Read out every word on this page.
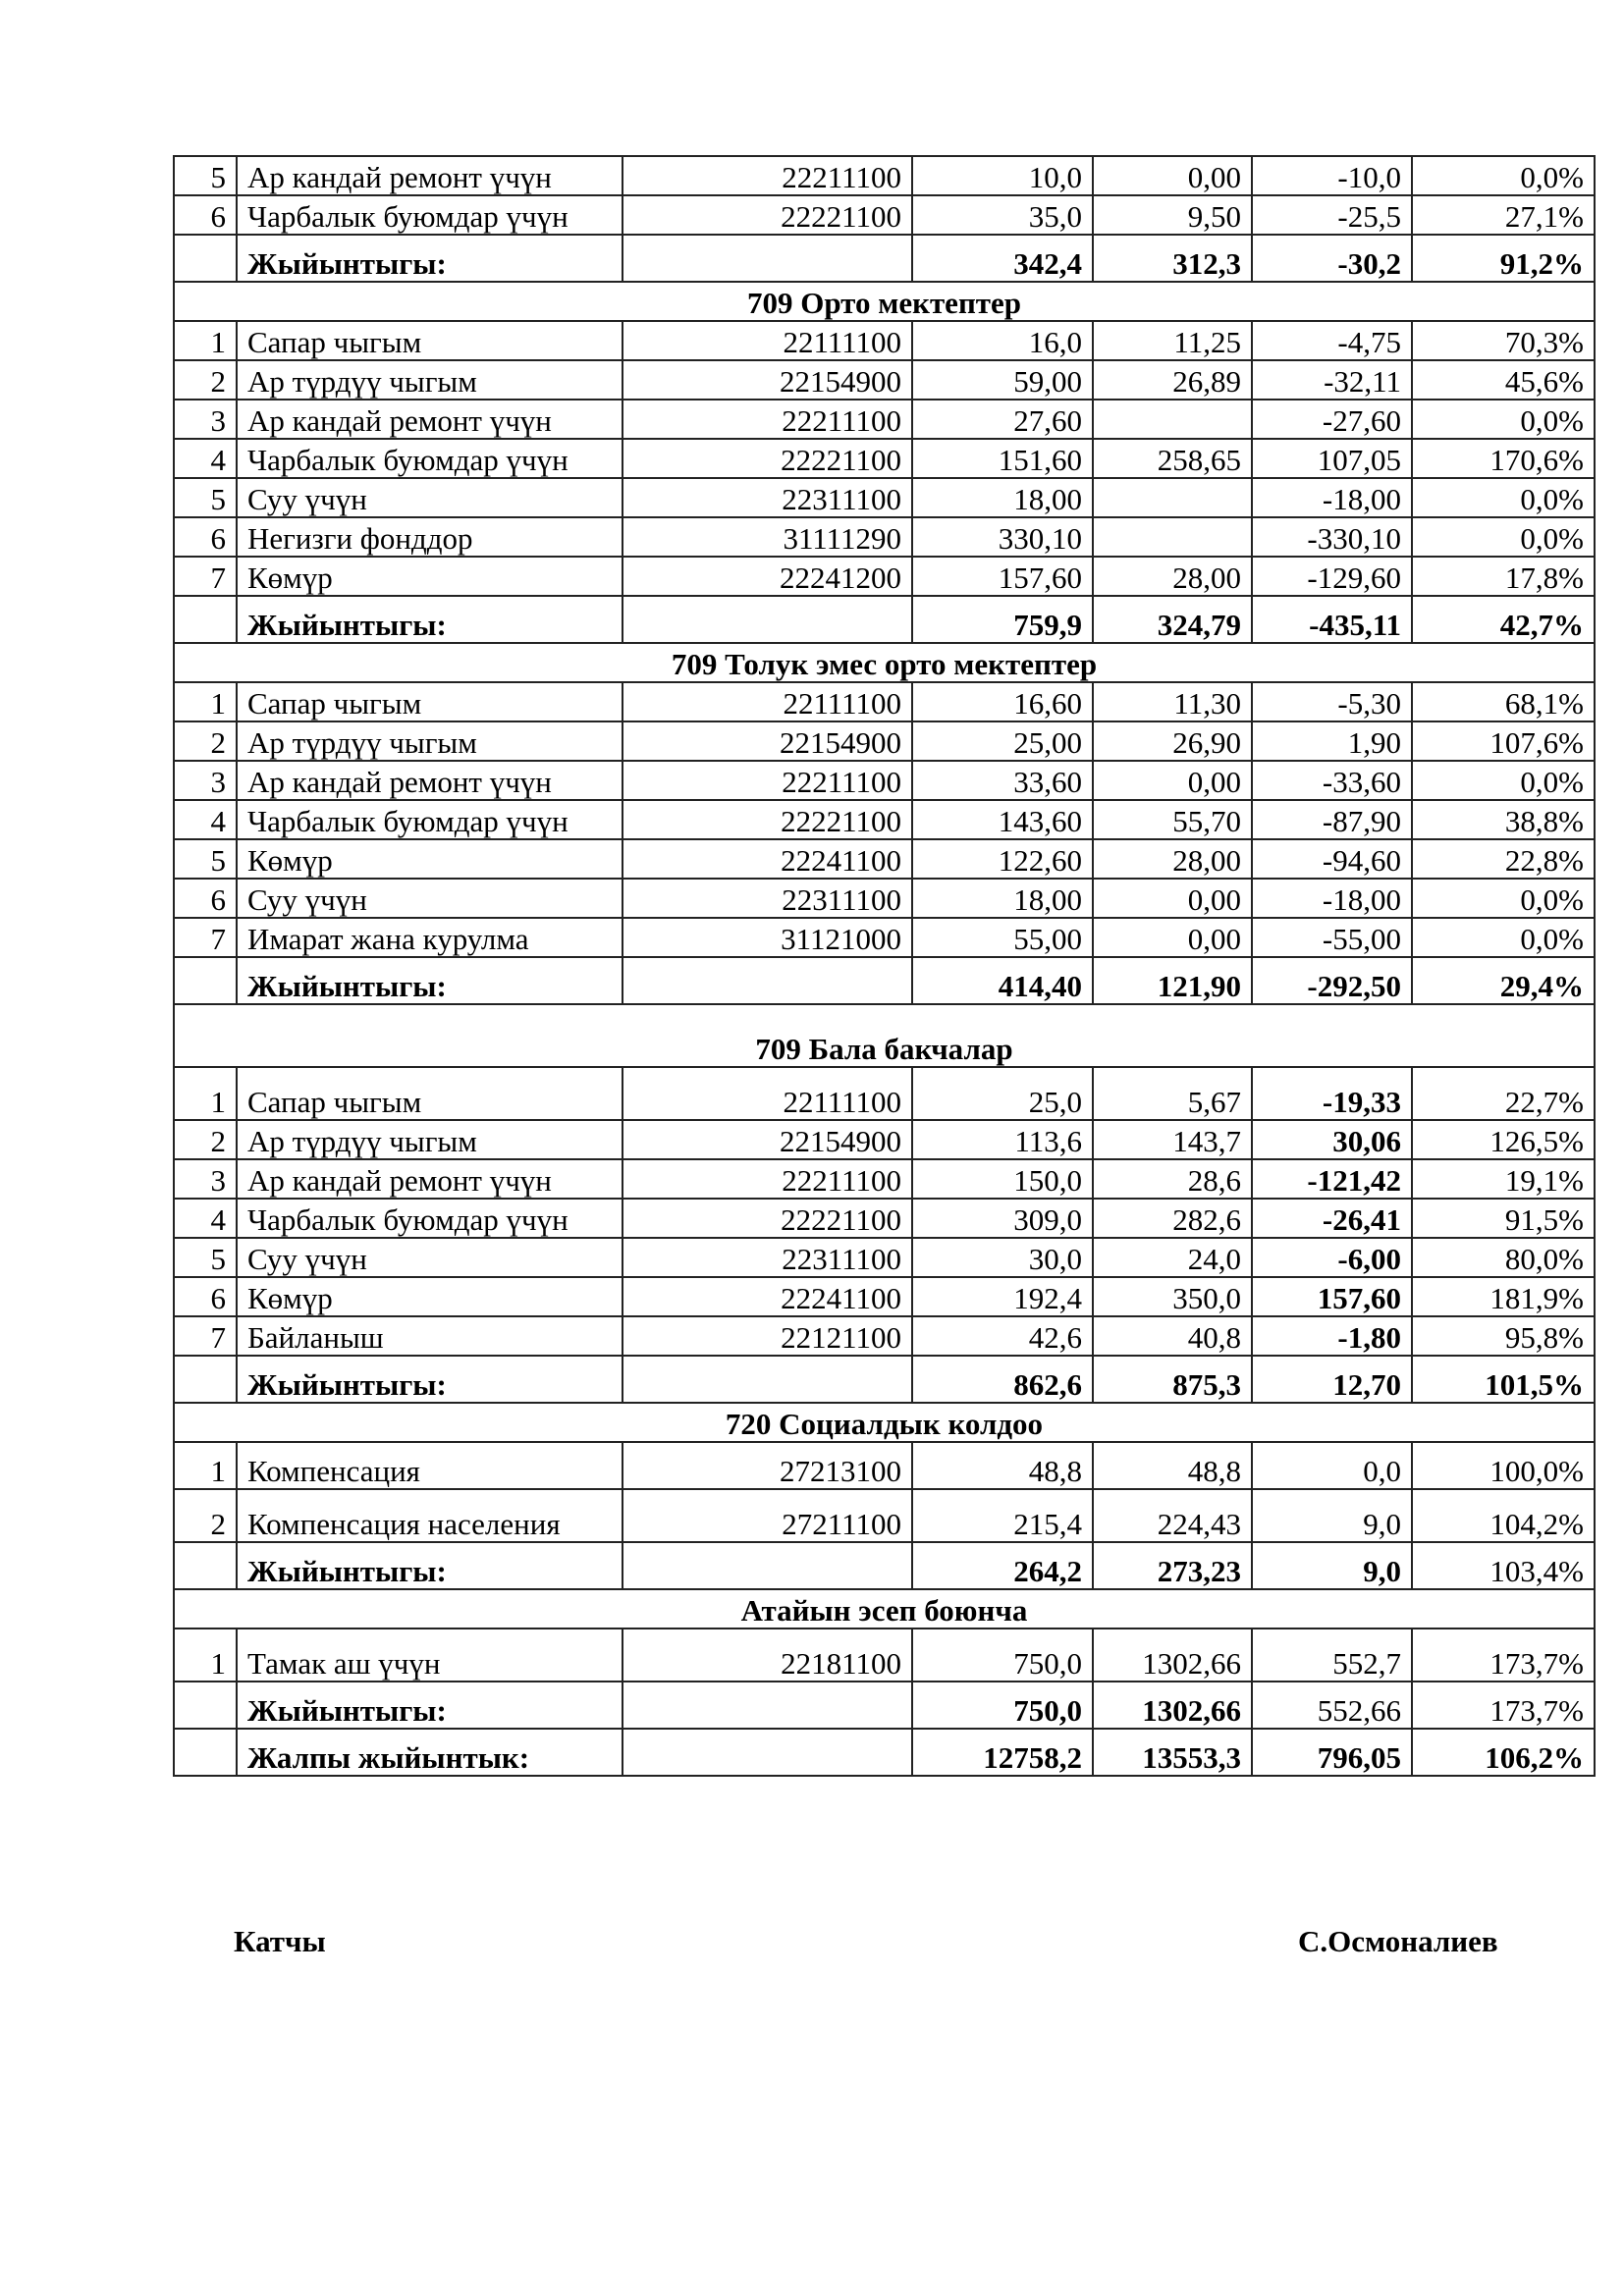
5	Ар кандай ремонт үчүн	22211100	10,0	0,00	-10,0	0,0%
6	Чарбалык буюмдар үчүн	22221100	35,0	9,50	-25,5	27,1%
	Жыйынтыгы:		342,4	312,3	-30,2	91,2%
709 Орто мектептер						
1	Сапар чыгым	22111100	16,0	11,25	-4,75	70,3%
2	Ар түрдүү чыгым	22154900	59,00	26,89	-32,11	45,6%
3	Ар кандай ремонт үчүн	22211100	27,60		-27,60	0,0%
4	Чарбалык буюмдар үчүн	22221100	151,60	258,65	107,05	170,6%
5	Суу үчүн	22311100	18,00		-18,00	0,0%
6	Негизги фонддор	31111290	330,10		-330,10	0,0%
7	Көмүр	22241200	157,60	28,00	-129,60	17,8%
	Жыйынтыгы:		759,9	324,79	-435,11	42,7%
709 Толук эмес орто мектептер						
1	Сапар чыгым	22111100	16,60	11,30	-5,30	68,1%
2	Ар түрдүү чыгым	22154900	25,00	26,90	1,90	107,6%
3	Ар кандай ремонт үчүн	22211100	33,60	0,00	-33,60	0,0%
4	Чарбалык буюмдар үчүн	22221100	143,60	55,70	-87,90	38,8%
5	Көмүр	22241100	122,60	28,00	-94,60	22,8%
6	Суу үчүн	22311100	18,00	0,00	-18,00	0,0%
7	Имарат жана курулма	31121000	55,00	0,00	-55,00	0,0%
	Жыйынтыгы:		414,40	121,90	-292,50	29,4%
709 Бала бакчалар						
1	Сапар чыгым	22111100	25,0	5,67	-19,33	22,7%
2	Ар түрдүү чыгым	22154900	113,6	143,7	30,06	126,5%
3	Ар кандай ремонт үчүн	22211100	150,0	28,6	-121,42	19,1%
4	Чарбалык буюмдар үчүн	22221100	309,0	282,6	-26,41	91,5%
5	Суу үчүн	22311100	30,0	24,0	-6,00	80,0%
6	Көмүр	22241100	192,4	350,0	157,60	181,9%
7	Байланыш	22121100	42,6	40,8	-1,80	95,8%
	Жыйынтыгы:		862,6	875,3	12,70	101,5%
720 Социалдык колдоо						
1	Компенсация	27213100	48,8	48,8	0,0	100,0%
2	Компенсация населения	27211100	215,4	224,43	9,0	104,2%
	Жыйынтыгы:		264,2	273,23	9,0	103,4%
Атайын эсеп боюнча						
1	Тамак аш үчүн	22181100	750,0	1302,66	552,7	173,7%
	Жыйынтыгы:		750,0	1302,66	552,66	173,7%
	Жалпы жыйынтык:		12758,2	13553,3	796,05	106,2%
Катчы	С.Осмоналиев
